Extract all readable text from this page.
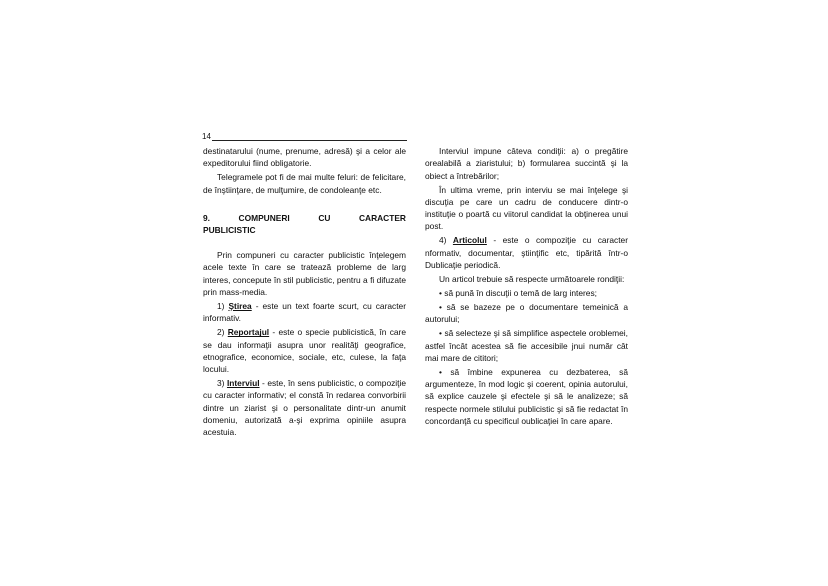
14

destinatarului (nume, prenume, adresă) şi a celor ale expeditorului fiind obligatorie.

Telegramele pot fi de mai multe feluri: de felicitare, de înştiinţare, de mulţumire, de condoleanţe etc.

9. COMPUNERI CU CARACTER PUBLICISTIC

Prin compuneri cu caracter publicistic înţelegem acele texte în care se tratează probleme de larg interes, concepute în stil publicistic, pentru a fi difuzate prin mass-media.

1) Ştirea - este un text foarte scurt, cu caracter informativ.

2) Reportajul - este o specie publicistică, în care se dau informaţii asupra unor realităţi geografice, etnografice, economice, sociale, etc, culese, la faţa locului.

3) Interviul - este, în sens publicistic, o compoziţie cu caracter informativ; el constă în redarea convorbirii dintre un ziarist şi o personalitate dintr-un anumit domeniu, autorizată a-şi exprima opiniile asupra acestuia.

Interviul impune câteva condiţii: a) o pregătire orealabilă a ziaristului; b) formularea succintă şi la obiect a întrebărilor;

În ultima vreme, prin interviu se mai înţelege şi discuţia pe care un cadru de conducere dintr-o instituţie o poartă cu viitorul candidat la obţinerea unui post.

4) Articolul - este o compoziţie cu caracter nformativ, documentar, ştiinţific etc, tipărită într-o Dublicaţie periodică.

Un articol trebuie să respecte următoarele rondiţii:

• să pună în discuţii o temă de larg interes;

• să se bazeze pe o documentare temeinică a autorului;

• să selecteze şi să simplifice aspectele oroblemei, astfel încât acestea să fie accesibile jnui număr cât mai mare de cititori;

• să îmbine expunerea cu dezbaterea, să argumenteze, în mod logic şi coerent, opinia autorului, să explice cauzele şi efectele şi să le analizeze; să respecte normele stilului publicistic şi să fie redactat în concordanţă cu specificul oublicaţiei în care apare.
